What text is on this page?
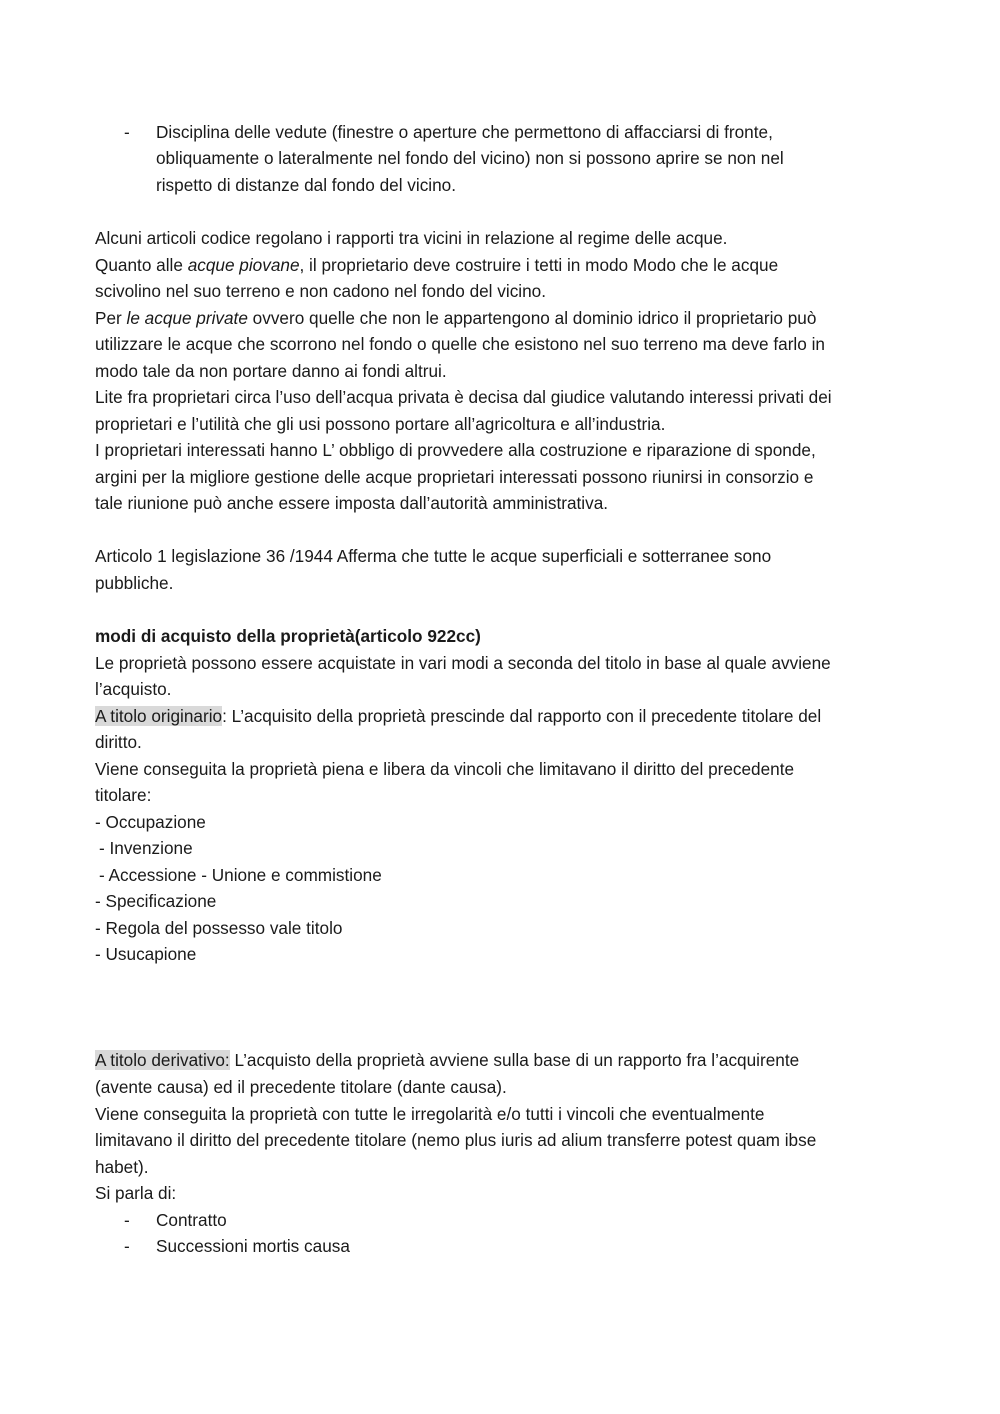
- Disciplina delle vedute (finestre o aperture che permettono di affacciarsi di fronte,
obliquamente o lateralmente nel fondo del vicino) non si possono aprire se non nel
rispetto di distanze dal fondo del vicino.
Alcuni articoli codice regolano i rapporti tra vicini in relazione al regime delle acque.
Quanto alle acque piovane, il proprietario deve costruire i tetti in modo Modo che le acque
scivolino nel suo terreno e non cadono nel fondo del vicino.
Per le acque private ovvero quelle che non le appartengono al dominio idrico il proprietario può
utilizzare le acque che scorrono nel fondo o quelle che esistono nel suo terreno ma deve farlo in
modo tale da non portare danno ai fondi altrui.
Lite fra proprietari circa l’uso dell’acqua privata è decisa dal giudice valutando interessi privati dei
proprietari e l’utilità che gli usi possono portare all’agricoltura e all’industria.
I proprietari interessati hanno L’ obbligo di provvedere alla costruzione e riparazione di sponde,
argini per la migliore gestione delle acque proprietari interessati possono riunirsi in consorzio e
tale riunione può anche essere imposta dall’autorità amministrativa.
Articolo 1 legislazione 36 /1944 Afferma che tutte le acque superficiali e sotterranee sono
pubbliche.
modi di acquisto della proprietà(articolo 922cc)
Le proprietà possono essere acquistate in vari modi a seconda del titolo in base al quale avviene
l’acquisto.
A titolo originario: L’acquisito della proprietà prescinde dal rapporto con il precedente titolare del
diritto.
Viene conseguita la proprietà piena e libera da vincoli che limitavano il diritto del precedente
titolare:
- Occupazione
- Invenzione
- Accessione - Unione e commistione
- Specificazione
- Regola del possesso vale titolo
- Usucapione
A titolo derivativo: L’acquisto della proprietà avviene sulla base di un rapporto fra l’acquirente
(avente causa) ed il precedente titolare (dante causa).
Viene conseguita la proprietà con tutte le irregolarità e/o tutti i vincoli che eventualmente
limitavano il diritto del precedente titolare (nemo plus iuris ad alium transferre potest quam ibse
habet).
Si parla di:
- Contratto
- Successioni mortis causa
